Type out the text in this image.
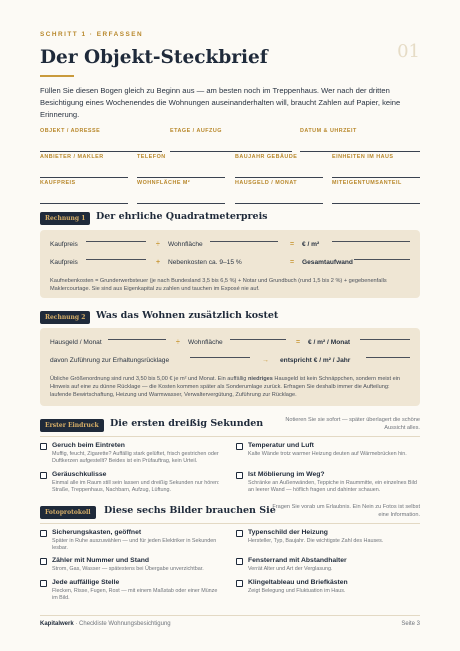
SCHRITT 1 · ERFASSEN
01
Der Objekt-Steckbrief
Füllen Sie diesen Bogen gleich zu Beginn aus — am besten noch im Treppenhaus. Wer nach der dritten Besichtigung eines Wochenendes die Wohnungen auseinanderhalten will, braucht Zahlen auf Papier, keine Erinnerung.
OBJEKT / ADRESSE	ETAGE / AUFZUG	DATUM & UHRZEIT
ANBIETER / MAKLER	TELEFON	BAUJAHR GEBÄUDE	EINHEITEN IM HAUS
KAUFPREIS	WOHNFLÄCHE M²	HAUSGELD / MONAT	MITEIGENTUMSANTEIL
Rechnung 1	Der ehrliche Quadratmeterpreis
Kaufpreis	÷ Wohnfläche	= € / m²
Kaufpreis	+ Nebenkosten ca. 9–15 %	= Gesamtaufwand
Kaufnebenkosten = Grunderwerbsteuer (je nach Bundesland 3,5 bis 6,5 %) + Notar und Grundbuch (rund 1,5 bis 2 %) + gegebenenfalls Maklercourtage. Sie sind aus Eigenkapital zu zahlen und tauchen im Exposé nie auf.
Rechnung 2	Was das Wohnen zusätzlich kostet
Hausgeld / Monat	÷ Wohnfläche	= € / m² / Monat
davon Zuführung zur Erhaltungsrücklage	→ entspricht € / m² / Jahr
Übliche Größenordnung sind rund 3,50 bis 5,00 € je m² und Monat. Ein auffällig niedriges Hausgeld ist kein Schnäppchen, sondern meist ein Hinweis auf eine zu dünne Rücklage — die Kosten kommen später als Sonderumlage zurück. Erfragen Sie deshalb immer die Aufteilung: laufende Bewirtschaftung, Heizung und Warmwasser, Verwaltervergütung, Zuführung zur Rücklage.
Erster Eindruck	Die ersten dreißig Sekunden	Notieren Sie sie sofort — später überlagert die schöne Aussicht alles.
Geruch beim Eintreten
Muffig, feucht, Zigarette? Auffällig stark gelüftet, frisch gestrichen oder Duftkerzen aufgestellt? Beides ist ein Prüfauftrag, kein Urteil.
Temperatur und Luft
Kalte Wände trotz warmer Heizung deuten auf Wärmebrücken hin.
Geräuschkulisse
Einmal alle im Raum still sein lassen und dreißig Sekunden nur hören: Straße, Treppenhaus, Nachbarn, Aufzug, Lüftung.
Ist Möblierung im Weg?
Schränke an Außenwänden, Teppiche in Raummitte, ein einzelnes Bild an leerer Wand — höflich fragen und dahinter schauen.
Fotoprotokoll	Diese sechs Bilder brauchen Sie
Fragen Sie vorab um Erlaubnis. Ein Nein zu Fotos ist selbst eine Information.
Sicherungskasten, geöffnet
Später in Ruhe auszuwählen — und für jeden Elektriker in Sekunden lesbar.
Typenschild der Heizung
Hersteller, Typ, Baujahr. Die wichtigste Zahl des Hauses.
Zähler mit Nummer und Stand
Strom, Gas, Wasser — spätestens bei Übergabe unverzichtbar.
Fensterrand mit Abstandhalter
Verrät Alter und Art der Verglasung.
Jede auffällige Stelle
Flecken, Risse, Fugen, Rost — mit einem Maßstab oder einer Münze im Bild.
Klingeltableau und Briefkästen
Zeigt Belegung und Fluktuation im Haus.
Kapitalwerk · Checkliste Wohnungsbesichtigung	Seite 3
